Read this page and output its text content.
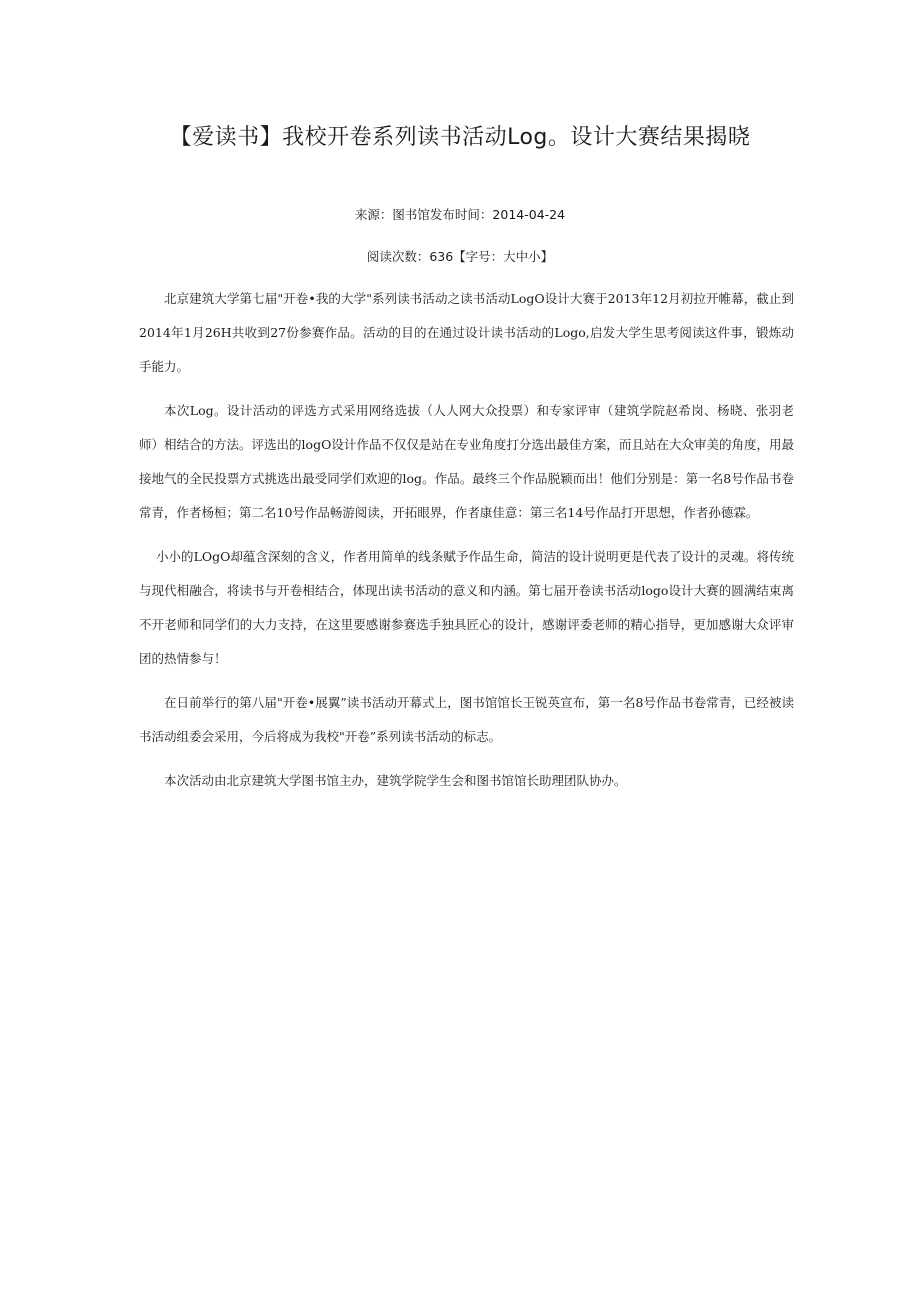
【爱读书】我校开卷系列读书活动Log。设计大赛结果揭晓
来源：图书馆发布时间：2014-04-24
阅读次数：636【字号：大中小】

北京建筑大学第七届"开卷•我的大学"系列读书活动之读书活动LogO设计大赛于2013年12月初拉开帷幕，截止到2014年1月26H共收到27份参赛作品。活动的目的在通过设计读书活动的Logo,启发大学生思考阅读这件事，锻炼动手能力。

本次Log。设计活动的评选方式采用网络选拔（人人网大众投票）和专家评审（建筑学院赵希岗、杨晓、张羽老师）相结合的方法。评选出的logO设计作品不仅仅是站在专业角度打分选出最佳方案，而且站在大众审美的角度，用最接地气的全民投票方式挑选出最受同学们欢迎的log。作品。最终三个作品脱颖而出！他们分别是：第一名8号作品书卷常青，作者杨桓；第二名10号作品畅游阅读，开拓眼界，作者康佳意：第三名14号作品打开思想，作者孙德霖。

小小的LOgO却蕴含深刻的含义，作者用简单的线条赋予作品生命，简洁的设计说明更是代表了设计的灵魂。将传统与现代相融合，将读书与开卷相结合，体现出读书活动的意义和内涵。第七届开卷读书活动logo设计大赛的圆满结束离不开老师和同学们的大力支持，在这里要感谢参赛选手独具匠心的设计，感谢评委老师的精心指导，更加感谢大众评审团的热情参与！

在日前举行的第八届"开卷•展翼”读书活动开幕式上，图书馆馆长王锐英宣布，第一名8号作品书卷常青，已经被读书活动组委会采用，今后将成为我校"开卷”系列读书活动的标志。

本次活动由北京建筑大学图书馆主办，建筑学院学生会和图书馆馆长助理团队协办。
